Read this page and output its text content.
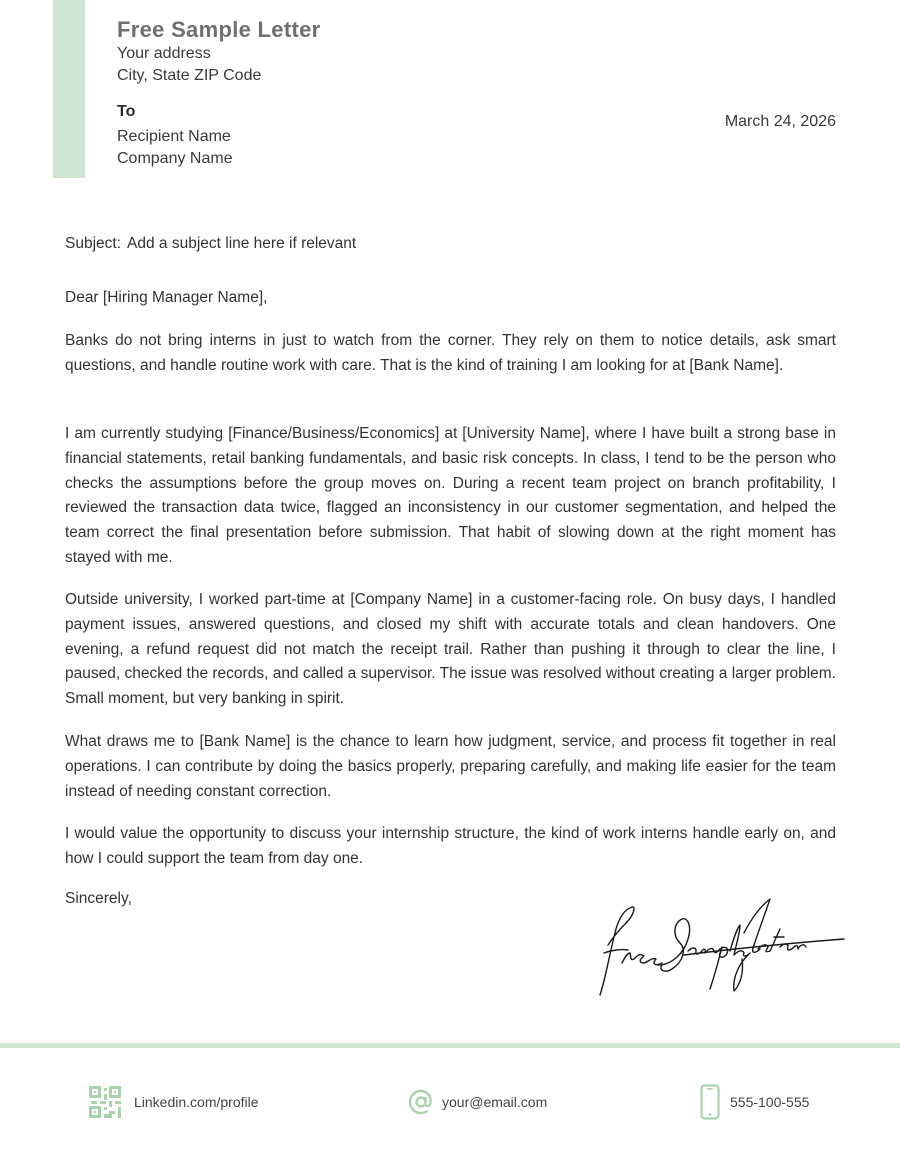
Free Sample Letter
Your address
City, State ZIP Code
To
Recipient Name
Company Name
March 24, 2026
Subject: Add a subject line here if relevant
Dear [Hiring Manager Name],

Banks do not bring interns in just to watch from the corner. They rely on them to notice details, ask smart questions, and handle routine work with care. That is the kind of training I am looking for at [Bank Name].

I am currently studying [Finance/Business/Economics] at [University Name], where I have built a strong base in financial statements, retail banking fundamentals, and basic risk concepts. In class, I tend to be the person who checks the assumptions before the group moves on. During a recent team project on branch profitability, I reviewed the transaction data twice, flagged an inconsistency in our customer segmentation, and helped the team correct the final presentation before submission. That habit of slowing down at the right moment has stayed with me.

Outside university, I worked part-time at [Company Name] in a customer-facing role. On busy days, I handled payment issues, answered questions, and closed my shift with accurate totals and clean handovers. One evening, a refund request did not match the receipt trail. Rather than pushing it through to clear the line, I paused, checked the records, and called a supervisor. The issue was resolved without creating a larger problem. Small moment, but very banking in spirit.

What draws me to [Bank Name] is the chance to learn how judgment, service, and process fit together in real operations. I can contribute by doing the basics properly, preparing carefully, and making life easier for the team instead of needing constant correction.

I would value the opportunity to discuss your internship structure, the kind of work interns handle early on, and how I could support the team from day one.

Sincerely,
Linkedin.com/profile	your@email.com	555-100-555
